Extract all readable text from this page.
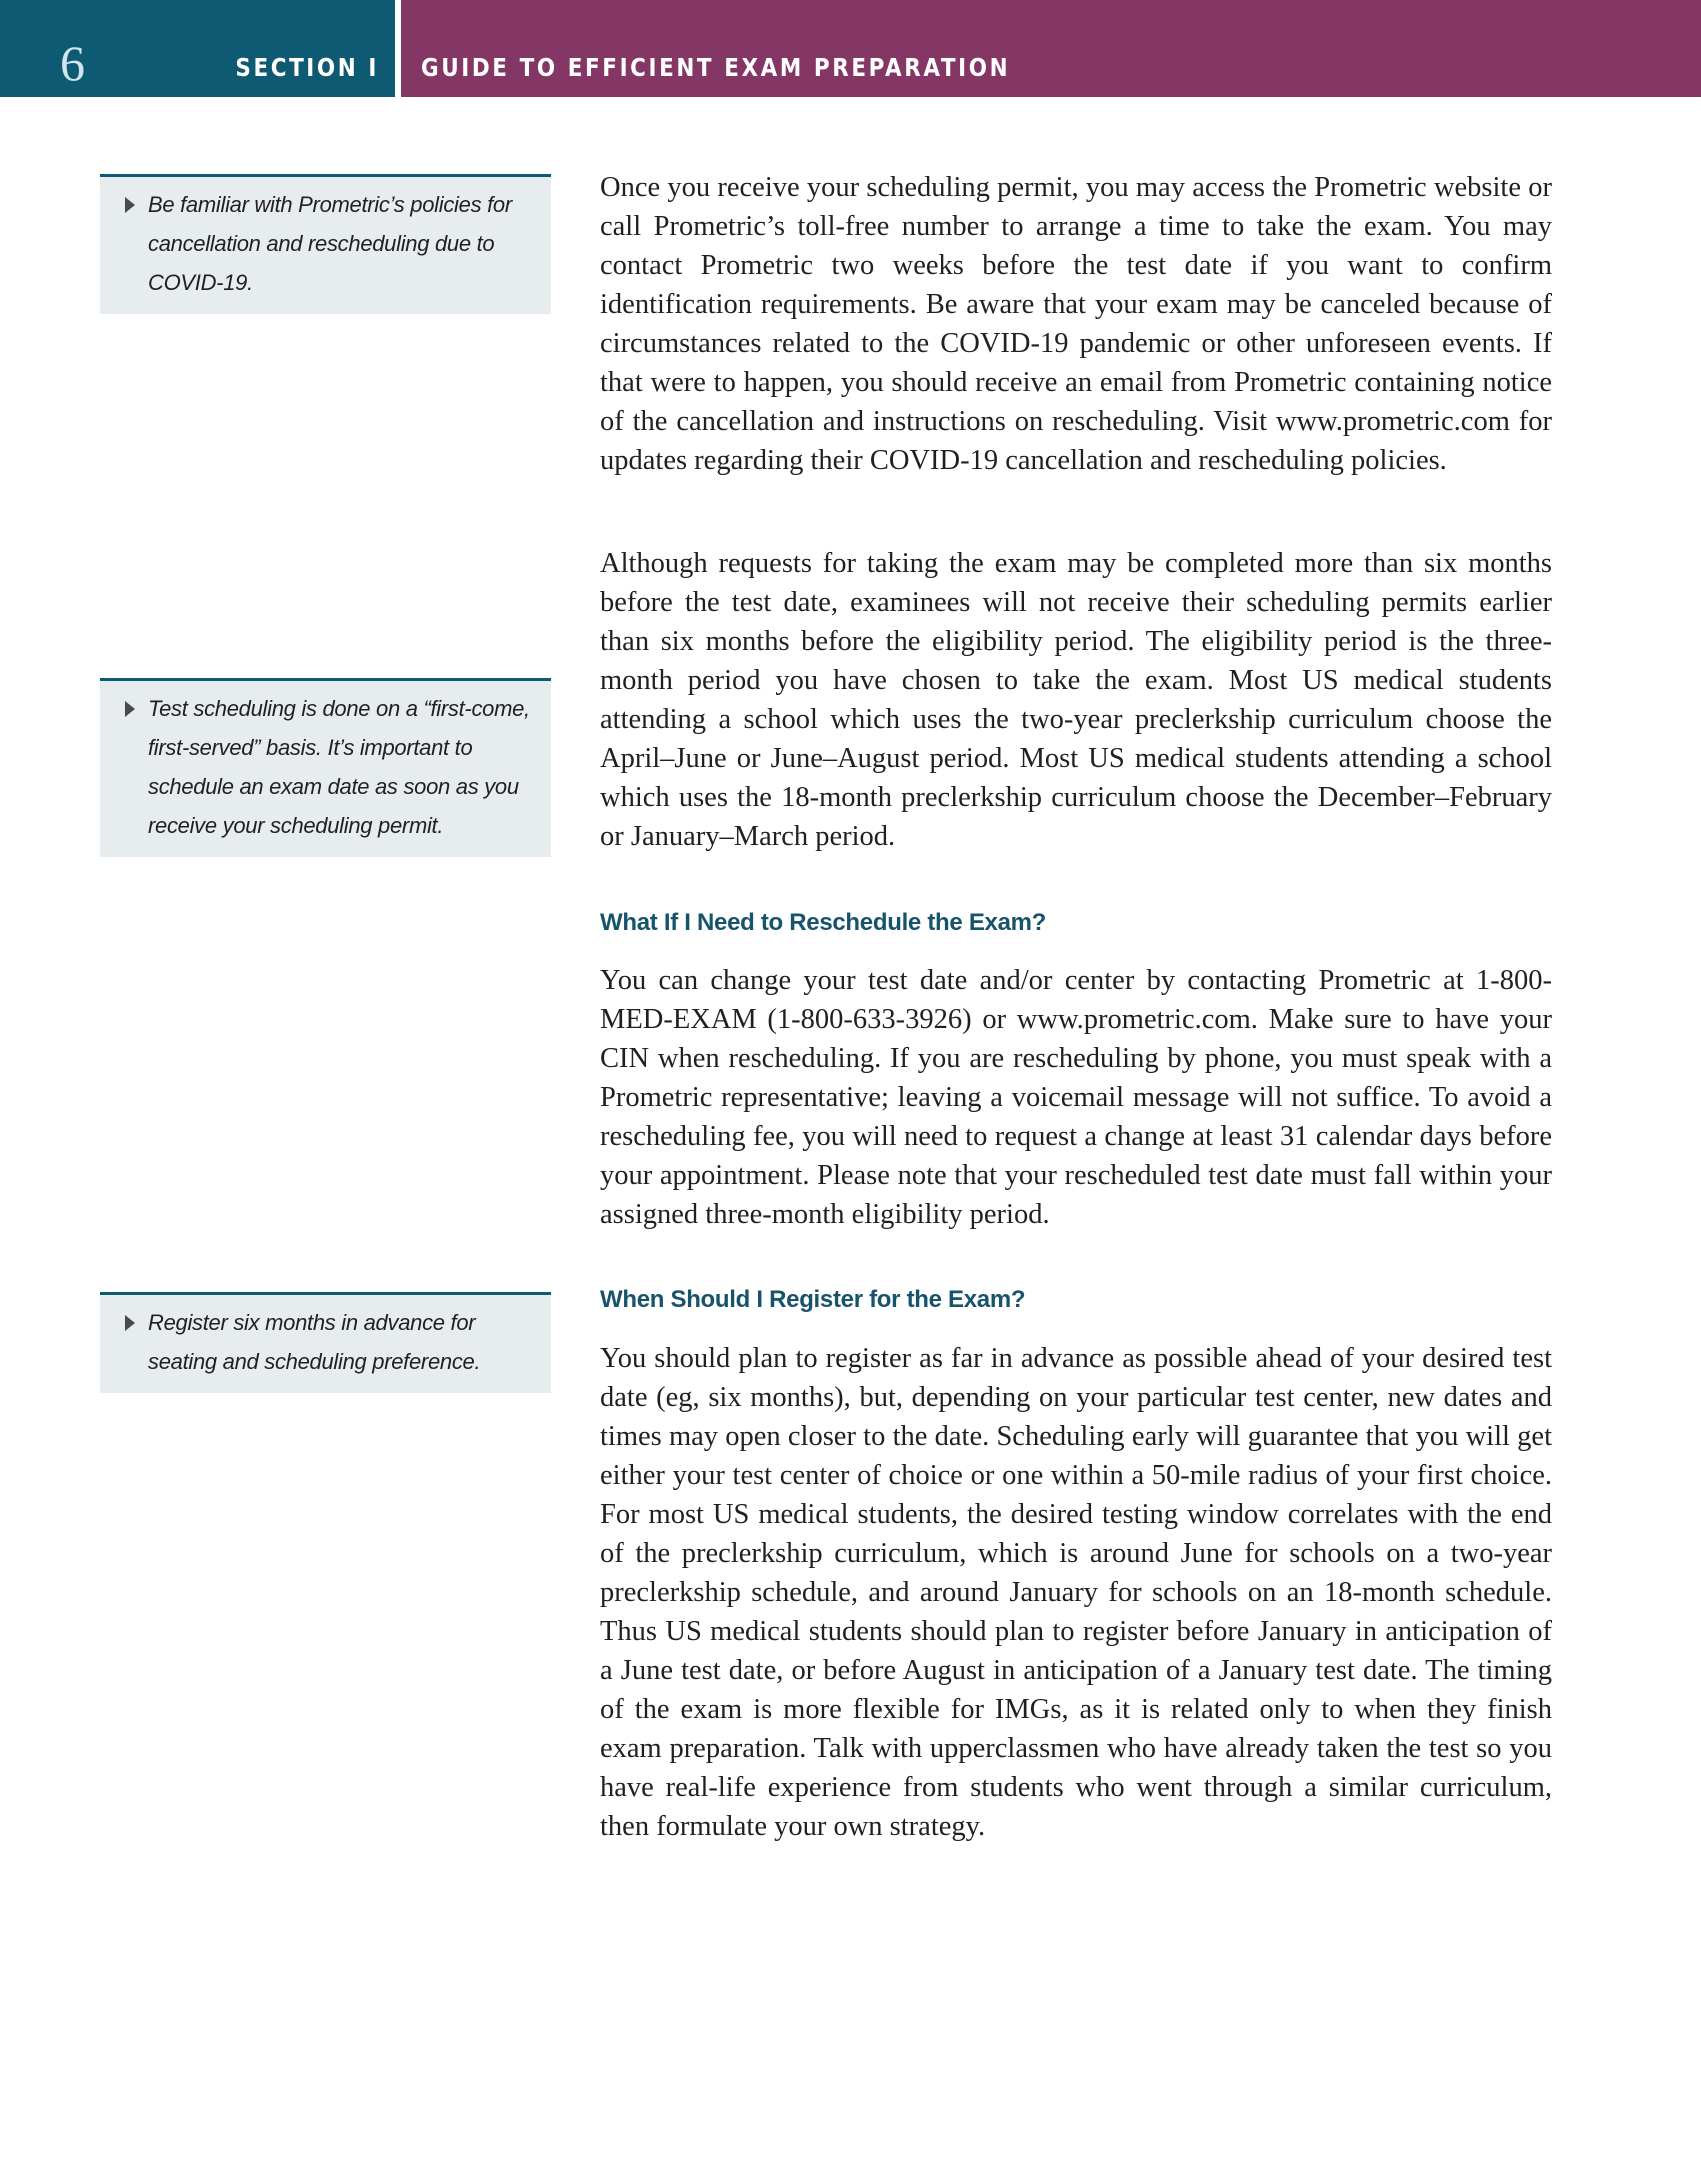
6	SECTION I GUIDE TO EFFICIENT EXAM PREPARATION
Be familiar with Prometric’s policies for cancellation and rescheduling due to COVID-19.
Test scheduling is done on a “first-come, first-served” basis. It’s important to schedule an exam date as soon as you receive your scheduling permit.
Register six months in advance for seating and scheduling preference.

Once you receive your scheduling permit, you may access the Prometric website or call Prometric’s toll-free number to arrange a time to take the exam. You may contact Prometric two weeks before the test date if you want to confirm identification requirements. Be aware that your exam may be canceled because of circumstances related to the COVID-19 pandemic or other unforeseen events. If that were to happen, you should receive an email from Prometric containing notice of the cancellation and instructions on rescheduling. Visit www.prometric.com for updates regarding their COVID-19 cancellation and rescheduling policies.

Although requests for taking the exam may be completed more than six months before the test date, examinees will not receive their scheduling permits earlier than six months before the eligibility period. The eligibility period is the three-month period you have chosen to take the exam. Most US medical students attending a school which uses the two-year preclerkship curriculum choose the April–June or June–August period. Most US medical students attending a school which uses the 18-month preclerkship curriculum choose the December–February or January–March period.

What If I Need to Reschedule the Exam?

You can change your test date and/or center by contacting Prometric at 1-800-MED-EXAM (1-800-633-3926) or www.prometric.com. Make sure to have your CIN when rescheduling. If you are rescheduling by phone, you must speak with a Prometric representative; leaving a voicemail message will not suffice. To avoid a rescheduling fee, you will need to request a change at least 31 calendar days before your appointment. Please note that your rescheduled test date must fall within your assigned three-month eligibility period.

When Should I Register for the Exam?

You should plan to register as far in advance as possible ahead of your desired test date (eg, six months), but, depending on your particular test center, new dates and times may open closer to the date. Scheduling early will guarantee that you will get either your test center of choice or one within a 50-mile radius of your first choice. For most US medical students, the desired testing window correlates with the end of the preclerkship curriculum, which is around June for schools on a two-year preclerkship schedule, and around January for schools on an 18-month schedule. Thus US medical students should plan to register before January in anticipation of a June test date, or before August in anticipation of a January test date. The timing of the exam is more flexible for IMGs, as it is related only to when they finish exam preparation. Talk with upperclassmen who have already taken the test so you have real-life experience from students who went through a similar curriculum, then formulate your own strategy.
